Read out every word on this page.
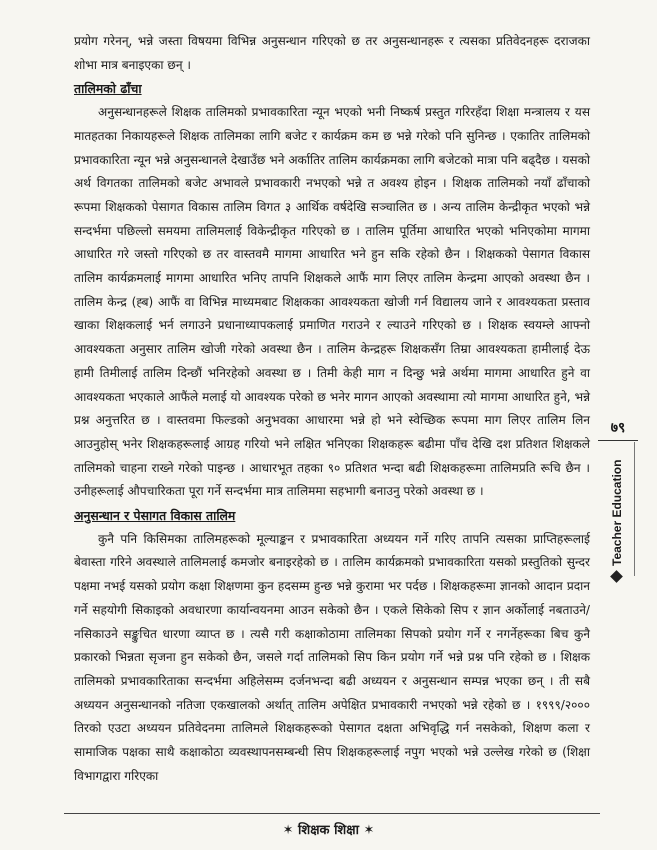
प्रयोग गरेनन्, भन्ने जस्ता विषयमा विभिन्न अनुसन्धान गरिएको छ तर अनुसन्धानहरू र त्यसका प्रतिवेदनहरू दराजका शोभा मात्र बनाइएका छन् ।

तालिमको ढाँचा

अनुसन्धानहरूले शिक्षक तालिमको प्रभावकारिता न्यून भएको भनी निष्कर्ष प्रस्तुत गरिरहँदा शिक्षा मन्त्रालय र यस मातहतका निकायहरूले शिक्षक तालिमका लागि बजेट र कार्यक्रम कम छ भन्ने गरेको पनि सुनिन्छ । एकातिर तालिमको प्रभावकारिता न्यून भन्ने अनुसन्धानले देखाउँछ भने अर्कातिर तालिम कार्यक्रमका लागि बजेटको मात्रा पनि बढ्दैछ । यसको अर्थ विगतका तालिमको बजेट अभावले प्रभावकारी नभएको भन्ने त अवश्य होइन । शिक्षक तालिमको नयाँ ढाँचाको रूपमा शिक्षकको पेसागत विकास तालिम विगत ३ आर्थिक वर्षदेखि सञ्चालित छ । अन्य तालिम केन्द्रीकृत भएको भन्ने सन्दर्भमा पछिल्लो समयमा तालिमलाई विकेन्द्रीकृत गरिएको छ । तालिम पूर्तिमा आधारित भएको भनिएकोमा मागमा आधारित गरे जस्तो गरिएको छ तर वास्तवमै मागमा आधारित भने हुन सकि रहेको छैन । शिक्षकको पेसागत विकास तालिम कार्यक्रमलाई मागमा आधारित भनिए तापनि शिक्षकले आफैं माग लिएर तालिम केन्द्रमा आएको अवस्था छैन । तालिम केन्द्र (ह्ब) आफैं वा विभिन्न माध्यमबाट शिक्षकका आवश्यकता खोजी गर्न विद्यालय जाने र आवश्यकता प्रस्ताव खाका शिक्षकलाई भर्न लगाउने प्रधानाध्यापकलाई प्रमाणित गराउने र ल्याउने गरिएको छ । शिक्षक स्वयम्ले आफ्नो आवश्यकता अनुसार तालिम खोजी गरेको अवस्था छैन । तालिम केन्द्रहरू शिक्षकसँग तिम्रा आवश्यकता हामीलाई देऊ हामी तिमीलाई तालिम दिन्छौं भनिरहेको अवस्था छ । तिमी केही माग न दिन्छु भन्ने अर्थमा मागमा आधारित हुने वा आवश्यकता भएकाले आफैंले मलाई यो आवश्यक परेको छ भनेर मागन आएको अवस्थामा त्यो मागमा आधारित हुने, भन्ने प्रश्न अनुत्तरित छ । वास्तवमा फिल्डको अनुभवका आधारमा भन्ने हो भने स्वेच्छिक रूपमा माग लिएर तालिम लिन आउनुहोस् भनेर शिक्षकहरूलाई आग्रह गरियो भने लक्षित भनिएका शिक्षकहरू बढीमा पाँच देखि दश प्रतिशत शिक्षकले तालिमको चाहना राख्ने गरेको पाइन्छ । आधारभूत तहका ९० प्रतिशत भन्दा बढी शिक्षकहरूमा तालिमप्रति रूचि छैन । उनीहरूलाई औपचारिकता पूरा गर्ने सन्दर्भमा मात्र तालिममा सहभागी बनाउनु परेको अवस्था छ ।

अनुसन्धान र पेसागत विकास तालिम

कुनै पनि किसिमका तालिमहरूको मूल्याङ्कन र प्रभावकारिता अध्ययन गर्ने गरिए तापनि त्यसका प्राप्तिहरूलाई बेवास्ता गरिने अवस्थाले तालिमलाई कमजोर बनाइरहेको छ । तालिम कार्यक्रमको प्रभावकारिता यसको प्रस्तुतिको सुन्दर पक्षमा नभई यसको प्रयोग कक्षा शिक्षणमा कुन हदसम्म हुन्छ भन्ने कुरामा भर पर्दछ । शिक्षकहरूमा ज्ञानको आदान प्रदान गर्ने सहयोगी सिकाइको अवधारणा कार्यान्वयनमा आउन सकेको छैन । एकले सिकेको सिप र ज्ञान अर्कोलाई नबताउने/नसिकाउने सङ्कुचित धारणा व्याप्त छ । त्यसै गरी कक्षाकोठामा तालिमका सिपको प्रयोग गर्ने र नगर्नेहरूका बिच कुनै प्रकारको भिन्नता सृजना हुन सकेको छैन, जसले गर्दा तालिमको सिप किन प्रयोग गर्ने भन्ने प्रश्न पनि रहेको छ । शिक्षक तालिमको प्रभावकारिताका सन्दर्भमा अहिलेसम्म दर्जनभन्दा बढी अध्ययन र अनुसन्धान सम्पन्न भएका छन् । ती सबै अध्ययन अनुसन्धानको नतिजा एकखालको अर्थात् तालिम अपेक्षित प्रभावकारी नभएको भन्ने रहेको छ । १९९९/२००० तिरको एउटा अध्ययन प्रतिवेदनमा तालिमले शिक्षकहरूको पेसागत दक्षता अभिवृद्धि गर्न नसकेको, शिक्षण कला र सामाजिक पक्षका साथै कक्षाकोठा व्यवस्थापनसम्बन्धी सिप शिक्षकहरूलाई नपुग भएको भन्ने उल्लेख गरेको छ (शिक्षा विभागद्वारा गरिएका

७९
Teacher Education
✶ शिक्षक शिक्षा ✶
